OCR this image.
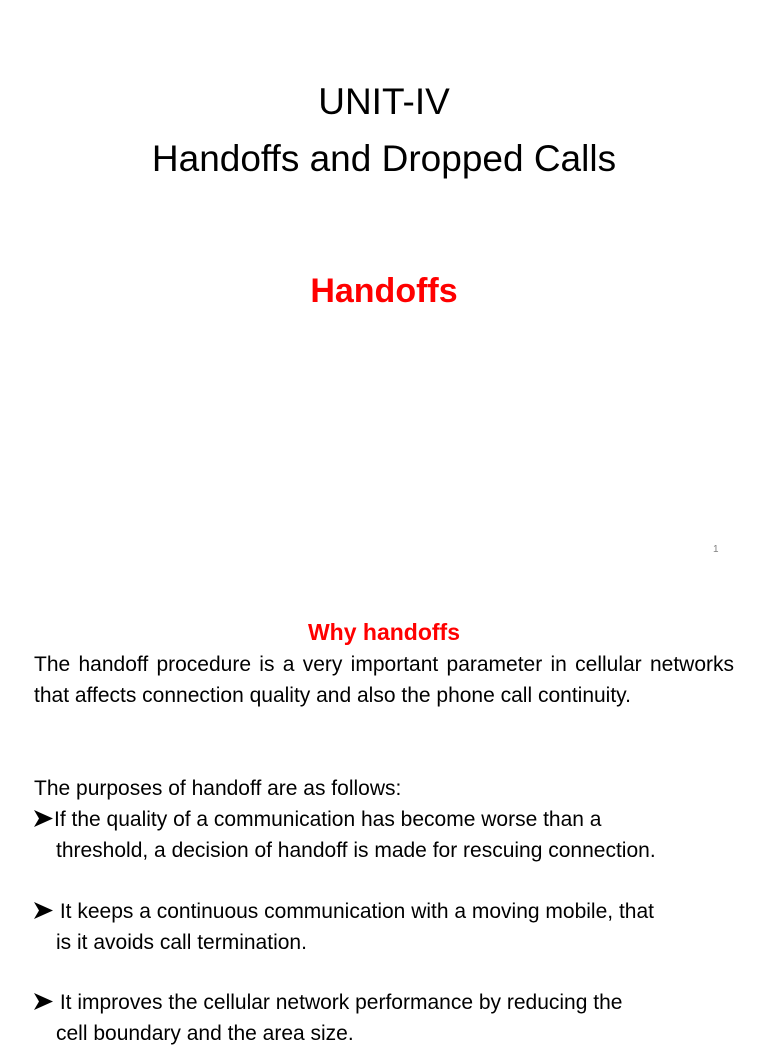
UNIT-IV
Handoffs and Dropped Calls
Handoffs
1
Why handoffs
The handoff procedure is a very important parameter in cellular networks that affects connection quality and also the phone call continuity.
The purposes of handoff are as follows:
If the quality of a communication has become worse than a
threshold, a decision of handoff is made for rescuing connection.
It keeps a continuous communication with a moving mobile, that
is it avoids call termination.
It improves the cellular network performance by reducing the
cell boundary and the area size.
